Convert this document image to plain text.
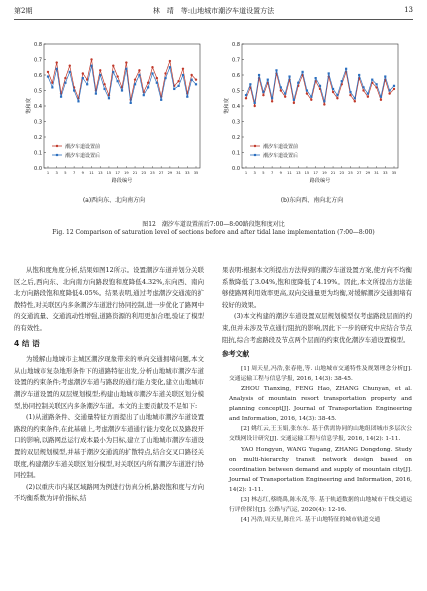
第2期	林　靖　等:山地城市潮汐车道设置方法	13
0.0
0.1
0.2
0.3
0.4
0.5
0.6
0.7
0.8
1 3 5 7 9 11 13 15 17 19 21 23 25 27 29 31 33 35
饱和度
路段编号
潮汐车道设置前
潮汐车道设置后
(a)西向东、北向南方向
0.0
0.1
0.2
0.3
0.4
0.5
0.6
0.7
0.8
1 3 5 7 9 11 13 15 17 19 21 23 25 27 29 31 33 35
饱和度
路段编号
潮汐车道设置前
潮汐车道设置后
(b)东向西、南向北方向
图12　潮汐车道设置前后7:00—8:00路段饱和度对比
Fig. 12 Comparison of saturation level of sections before and after tidal lane implementation (7:00—8:00)

从饱和度角度分析,结果如图12所示。设置潮汐车道并划分关联区之后,西向东、北向南方向路段饱和度降低4.32%,东向西、南向北方向路段饱和度降低4.05%。结果表明,通过考虑潮汐交通流的扩散特性,对关联区内多条潮汐车道进行协同控制,进一步优化了路网中的交通流量、交通流动性增强,道路资源的利用更加合理,验证了模型的有效性。

4 结 语

为缓解山地城市主城区潮汐现象带来的单向交通拥堵问题,本文从山地城市复杂地形条件下的道路特征出发,分析山地城市潮汐车道设置的约束条件;考虑潮汐车道与路段的通行能力变化,建立山地城市潮汐车道设置的双层规划模型;构建山地城市潮汐车道关联区划分模型,协同控制关联区内多条潮汐车道。本文的主要贡献及不足如下:

(1)从道路条件、交通量特征方面提出了山地城市潮汐车道设置路段的约束条件,在此基础上,考虑潮汐车道通行能力变化以及路段开口的影响,以路网总运行成本最小为目标,建立了山地城市潮汐车道设置的双层规划模型,并基于潮汐交通流的扩散特点,结合交叉口路径关联度,构建潮汐车道关联区划分模型,对关联区内所有潮汐车道进行协同控制。

(2)以重庆市内某区域路网为例进行仿真分析,路段饱和度与方向不均衡系数为评价指标,结

果表明:根据本文所提出方法得到的潮汐车道设置方案,使方向不均衡系数降低了3.04%,饱和度降低了4.19%。因此,本文所提出方法能够使路网利用效率更高,双向交通量更为均衡,对缓解潮汐交通拥堵有较好的效果。

(3)本文构建的潮汐车道设置双层规划模型仅考虑路段层面的约束,但并未涉及节点通行阻抗的影响,因此下一步的研究中应结合节点阻抗,综合考虑路段及节点两个层面的约束优化潮汐车道设置模型。

参考文献

[1] 周天星,冯浩,张春艳,等. 山地城市交通特性及规划理念分析[J]. 交通运输工程与信息学报, 2016, 14(3): 38-45.

ZHOU Tianxing, FENG Hao, ZHANG Chunyan, et al. Analysis of mountain resort transportation property and planning concept[J]. Journal of Transportation Engineering and Information, 2016, 14(3): 38-45.

[2] 姚红云,王玉娟,张东东. 基于供需协同的山地组团城市多层次公交线网设计研究[J]. 交通运输工程与信息学报, 2016, 14(2): 1-11.

YAO Hongyun, WANG Yugang, ZHANG Dongdong. Study on multi-hierarchy transit network design based on coordination between demand and supply of mountain city[J]. Journal of Transportation Engineering and Information, 2016, 14(2): 1-11.

[3] 林志红,蔡晓禹,陈永茂,等. 基于轨道数据的山地城市干线交通运行评价探讨[J]. 公路与汽运, 2020(4): 12-16.

[4] 冯浩,周天星,陈仕兴. 基于山地特征的城市轨道交通
